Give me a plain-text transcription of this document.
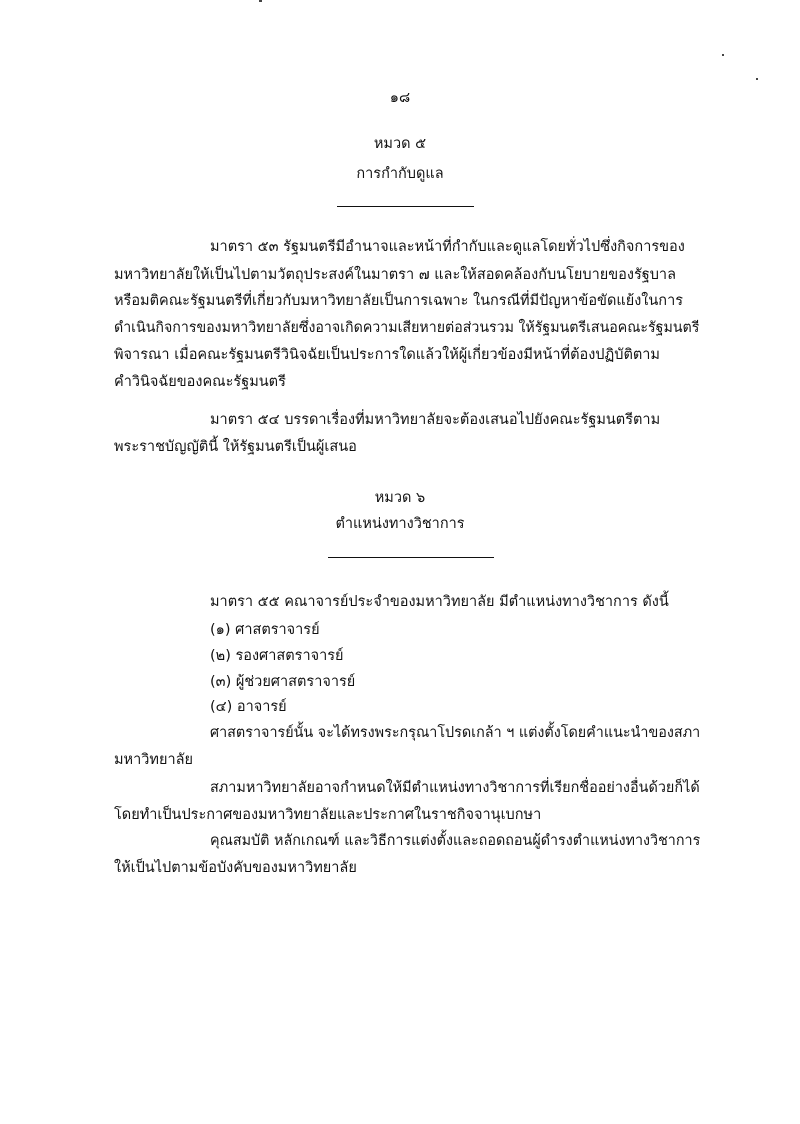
๑๘
หมวด ๕
การกำกับดูแล
มาตรา ๕๓ รัฐมนตรีมีอำนาจและหน้าที่กำกับและดูแลโดยทั่วไปซึ่งกิจการของ
มหาวิทยาลัยให้เป็นไปตามวัตถุประสงค์ในมาตรา ๗ และให้สอดคล้องกับนโยบายของรัฐบาล
หรือมติคณะรัฐมนตรีที่เกี่ยวกับมหาวิทยาลัยเป็นการเฉพาะ ในกรณีที่มีปัญหาข้อขัดแย้งในการ
ดำเนินกิจการของมหาวิทยาลัยซึ่งอาจเกิดความเสียหายต่อส่วนรวม ให้รัฐมนตรีเสนอคณะรัฐมนตรี
พิจารณา เมื่อคณะรัฐมนตรีวินิจฉัยเป็นประการใดแล้วให้ผู้เกี่ยวข้องมีหน้าที่ต้องปฏิบัติตาม
คำวินิจฉัยของคณะรัฐมนตรี
มาตรา ๕๔ บรรดาเรื่องที่มหาวิทยาลัยจะต้องเสนอไปยังคณะรัฐมนตรีตาม
พระราชบัญญัตินี้ ให้รัฐมนตรีเป็นผู้เสนอ
หมวด ๖
ตำแหน่งทางวิชาการ
มาตรา ๕๕ คณาจารย์ประจำของมหาวิทยาลัย มีตำแหน่งทางวิชาการ ดังนี้
(๑) ศาสตราจารย์
(๒) รองศาสตราจารย์
(๓) ผู้ช่วยศาสตราจารย์
(๔) อาจารย์
ศาสตราจารย์นั้น จะได้ทรงพระกรุณาโปรดเกล้า ฯ แต่งตั้งโดยคำแนะนำของสภา
มหาวิทยาลัย
สภามหาวิทยาลัยอาจกำหนดให้มีตำแหน่งทางวิชาการที่เรียกชื่ออย่างอื่นด้วยก็ได้
โดยทำเป็นประกาศของมหาวิทยาลัยและประกาศในราชกิจจานุเบกษา
คุณสมบัติ หลักเกณฑ์ และวิธีการแต่งตั้งและถอดถอนผู้ดำรงตำแหน่งทางวิชาการ
ให้เป็นไปตามข้อบังคับของมหาวิทยาลัย
